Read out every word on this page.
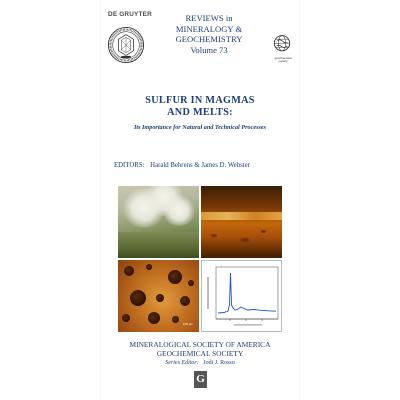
DE GRUYTER	REVIEWS in
MINERALOGY &
GEOCHEMISTRY
Volume 73
geochemical society
SULFUR IN MAGMAS
AND MELTS:
Its Importance for Natural and Technical Processes
EDITORS: Harald Behrens & James D. Webster
100 µm
MINERALOGICAL SOCIETY OF AMERICA
GEOCHEMICAL SOCIETY
Series Editor: Jodi J. Rosso
G
